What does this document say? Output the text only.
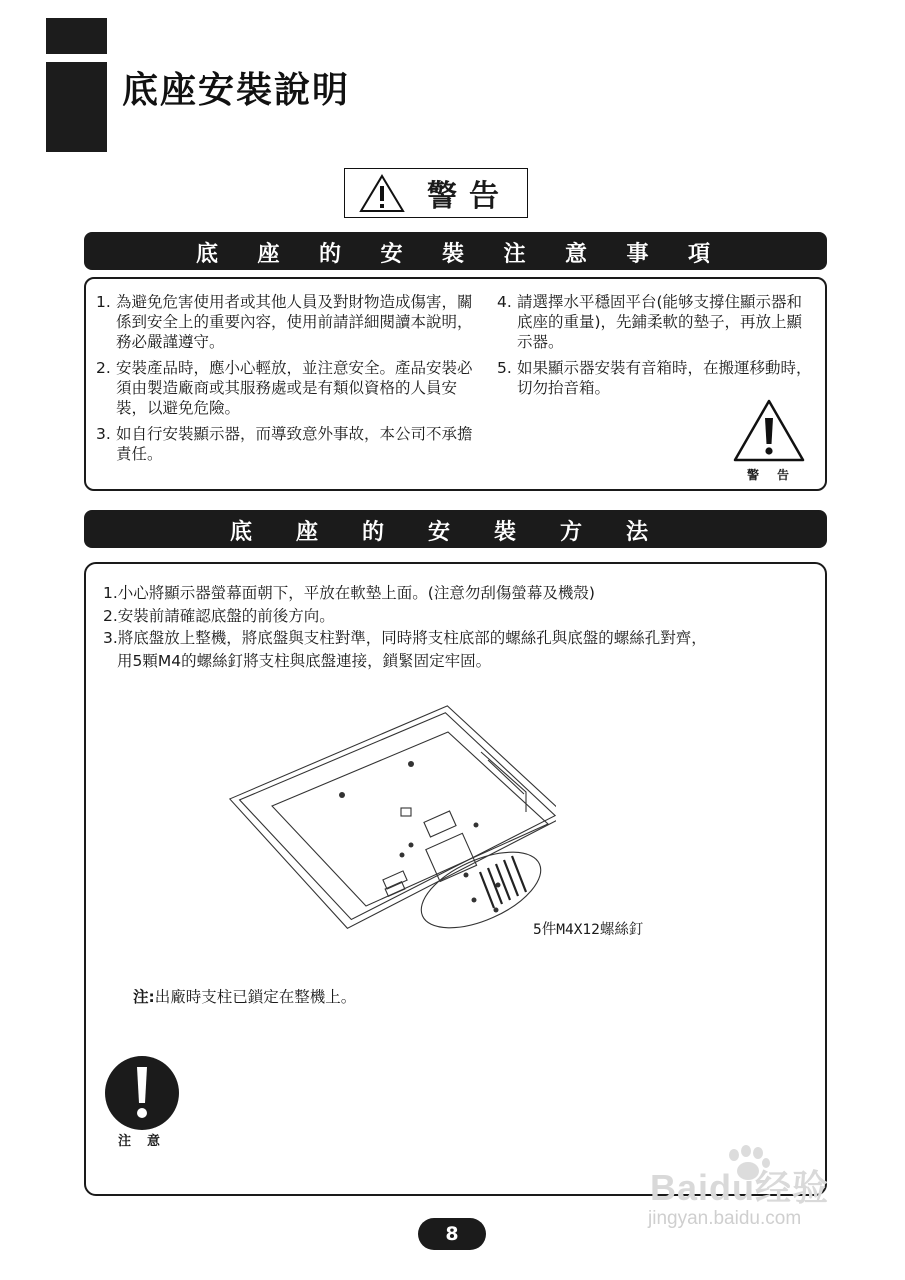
底座安裝說明
警告
底 座 的 安 裝 注 意 事 項
1. 為避免危害使用者或其他人員及對財物造成傷害，關係到安全上的重要內容，使用前請詳細閱讀本說明，務必嚴謹遵守。
2. 安裝產品時，應小心輕放，並注意安全。產品安裝必須由製造廠商或其服務處或是有類似資格的人員安裝，以避免危險。
3. 如自行安裝顯示器，而導致意外事故，本公司不承擔責任。
4. 請選擇水平穩固平台(能够支撐住顯示器和底座的重量)，先鋪柔軟的墊子，再放上顯示器。
5. 如果顯示器安裝有音箱時，在搬運移動時，切勿抬音箱。
警告
底 座 的 安 裝 方 法
1. 小心將顯示器螢幕面朝下，平放在軟墊上面。(注意勿刮傷螢幕及機殼)
2. 安裝前請確認底盤的前後方向。
3. 將底盤放上整機，將底盤與支柱對準，同時將支柱底部的螺絲孔與底盤的螺絲孔對齊，
用5顆M4的螺絲釘將支柱與底盤連接，鎖緊固定牢固。
5件M4X12螺絲釘
注:出廠時支柱已鎖定在整機上。
注意
8
Baidu经验
jingyan.baidu.com
